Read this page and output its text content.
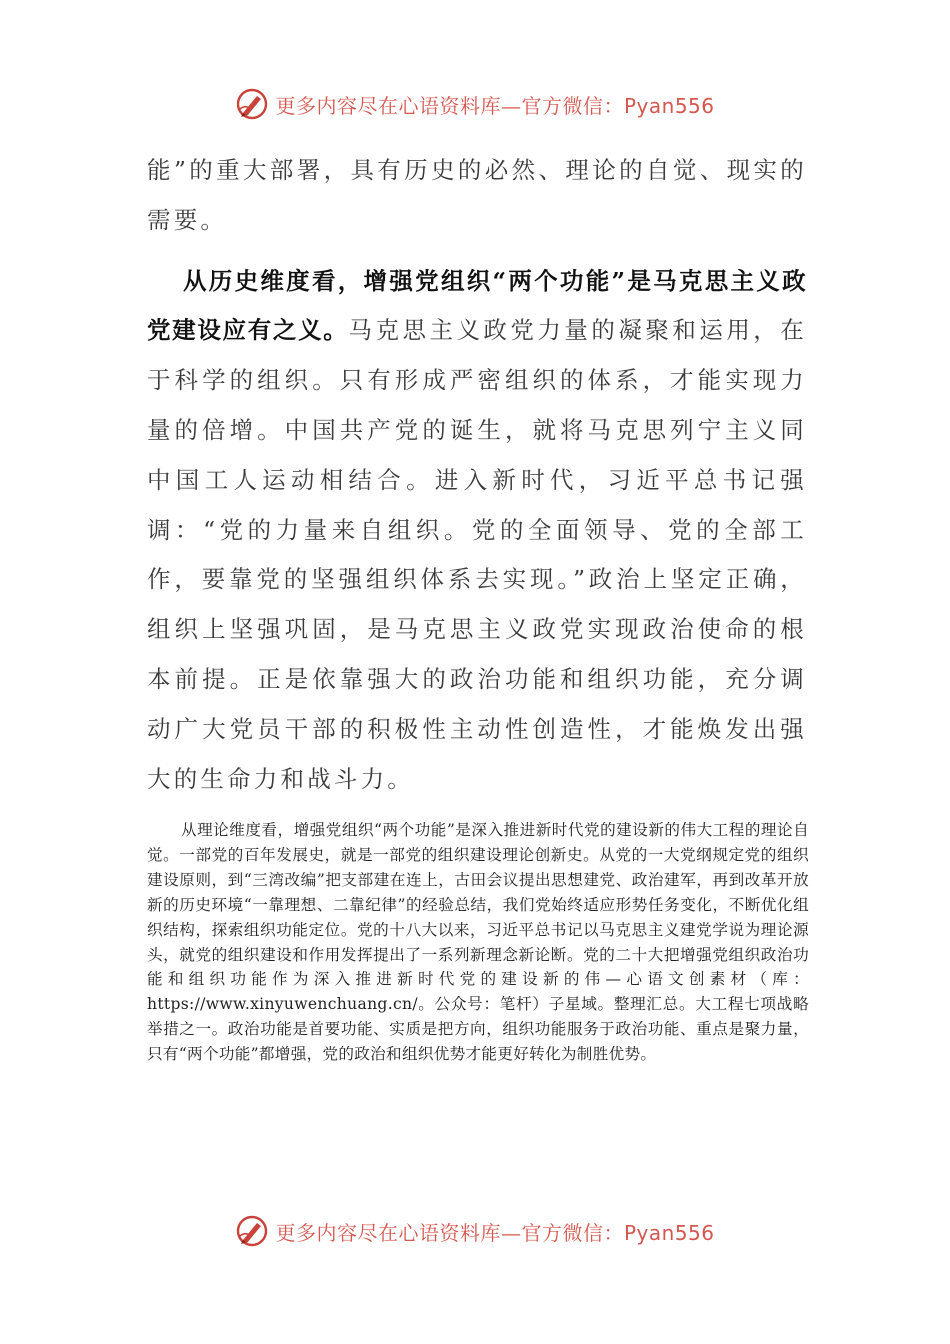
更多内容尽在心语资料库—官方微信：Pyan556

能”的重大部署，具有历史的必然、理论的自觉、现实的需要。

从历史维度看，增强党组织“两个功能”是马克思主义政党建设应有之义。马克思主义政党力量的凝聚和运用，在于科学的组织。只有形成严密组织的体系，才能实现力量的倍增。中国共产党的诞生，就将马克思列宁主义同中国工人运动相结合。进入新时代，习近平总书记强调：“党的力量来自组织。党的全面领导、党的全部工作，要靠党的坚强组织体系去实现。”政治上坚定正确，组织上坚强巩固，是马克思主义政党实现政治使命的根本前提。正是依靠强大的政治功能和组织功能，充分调动广大党员干部的积极性主动性创造性，才能焕发出强大的生命力和战斗力。

从理论维度看，增强党组织“两个功能”是深入推进新时代党的建设新的伟大工程的理论自觉。一部党的百年发展史，就是一部党的组织建设理论创新史。从党的一大党纲规定党的组织建设原则，到“三湾改编”把支部建在连上，古田会议提出思想建党、政治建军，再到改革开放新的历史环境“一靠理想、二靠纪律”的经验总结，我们党始终适应形势任务变化，不断优化组织结构，探索组织功能定位。党的十八大以来，习近平总书记以马克思主义建党学说为理论源头，就党的组织建设和作用发挥提出了一系列新理念新论断。党的二十大把增强党组织政治功能和组织功能作为深入推进新时代党的建设新的伟—心语文创素材（库：https://www.xinyuwenchuang.cn/。公众号：笔杆）子星域。整理汇总。大工程七项战略举措之一。政治功能是首要功能、实质是把方向，组织功能服务于政治功能、重点是聚力量，只有“两个功能”都增强，党的政治和组织优势才能更好转化为制胜优势。

更多内容尽在心语资料库—官方微信：Pyan556
